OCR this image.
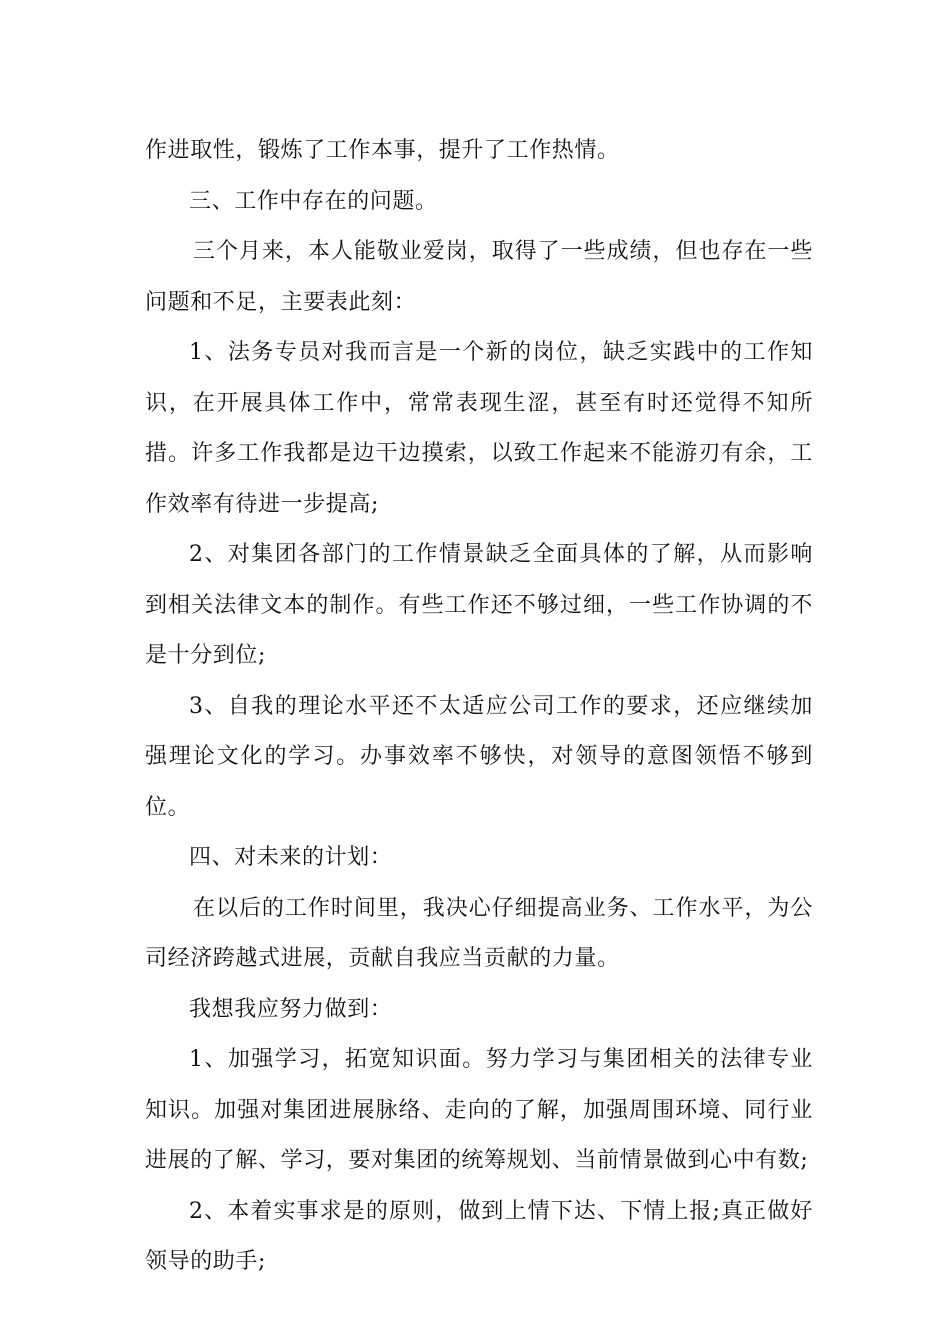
作进取性，锻炼了工作本事，提升了工作热情。

三、工作中存在的问题。

三个月来，本人能敬业爱岗，取得了一些成绩，但也存在一些问题和不足，主要表此刻：

1、法务专员对我而言是一个新的岗位，缺乏实践中的工作知识，在开展具体工作中，常常表现生涩，甚至有时还觉得不知所措。许多工作我都是边干边摸索，以致工作起来不能游刃有余，工作效率有待进一步提高;

2、对集团各部门的工作情景缺乏全面具体的了解，从而影响到相关法律文本的制作。有些工作还不够过细，一些工作协调的不是十分到位;

3、自我的理论水平还不太适应公司工作的要求，还应继续加强理论文化的学习。办事效率不够快，对领导的意图领悟不够到位。

四、对未来的计划：

在以后的工作时间里，我决心仔细提高业务、工作水平，为公司经济跨越式进展，贡献自我应当贡献的力量。

我想我应努力做到：

1、加强学习，拓宽知识面。努力学习与集团相关的法律专业知识。加强对集团进展脉络、走向的了解，加强周围环境、同行业进展的了解、学习，要对集团的统筹规划、当前情景做到心中有数;

2、本着实事求是的原则，做到上情下达、下情上报;真正做好领导的助手;
